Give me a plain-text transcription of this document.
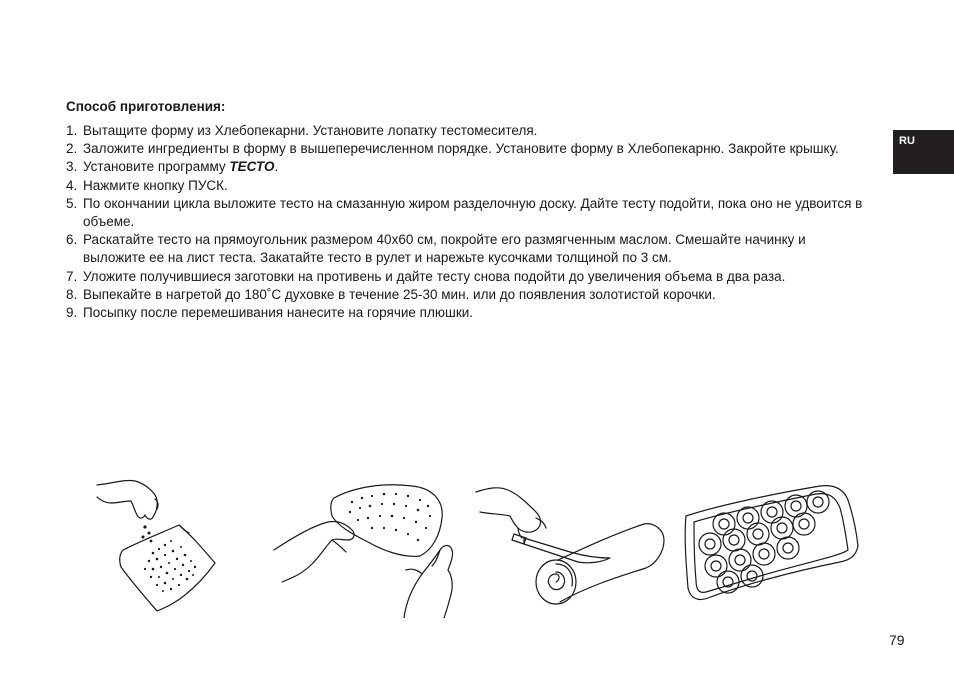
Способ приготовления:
1. Вытащите форму из Хлебопекарни. Установите лопатку тестомесителя.
2. Заложите ингредиенты в форму в вышеперечисленном порядке. Установите форму в Хлебопекарню. Закройте крышку.
3. Установите программу ТЕСТО.
4. Нажмите кнопку ПУСК.
5. По окончании цикла выложите тесто на смазанную жиром разделочную доску. Дайте тесту подойти, пока оно не удвоится в объеме.
6. Раскатайте тесто на прямоугольник размером 40х60 см, покройте его размягченным маслом. Смешайте начинку и выложите ее на лист теста. Закатайте тесто в рулет и нарежьте кусочками толщиной по 3 см.
7. Уложите получившиеся заготовки на противень и дайте тесту снова подойти до увеличения объема в два раза.
8. Выпекайте в нагретой до 180˚С духовке в течение 25-30 мин. или до появления золотистой корочки.
9. Посыпку после перемешивания нанесите на горячие плюшки.
RU
79
